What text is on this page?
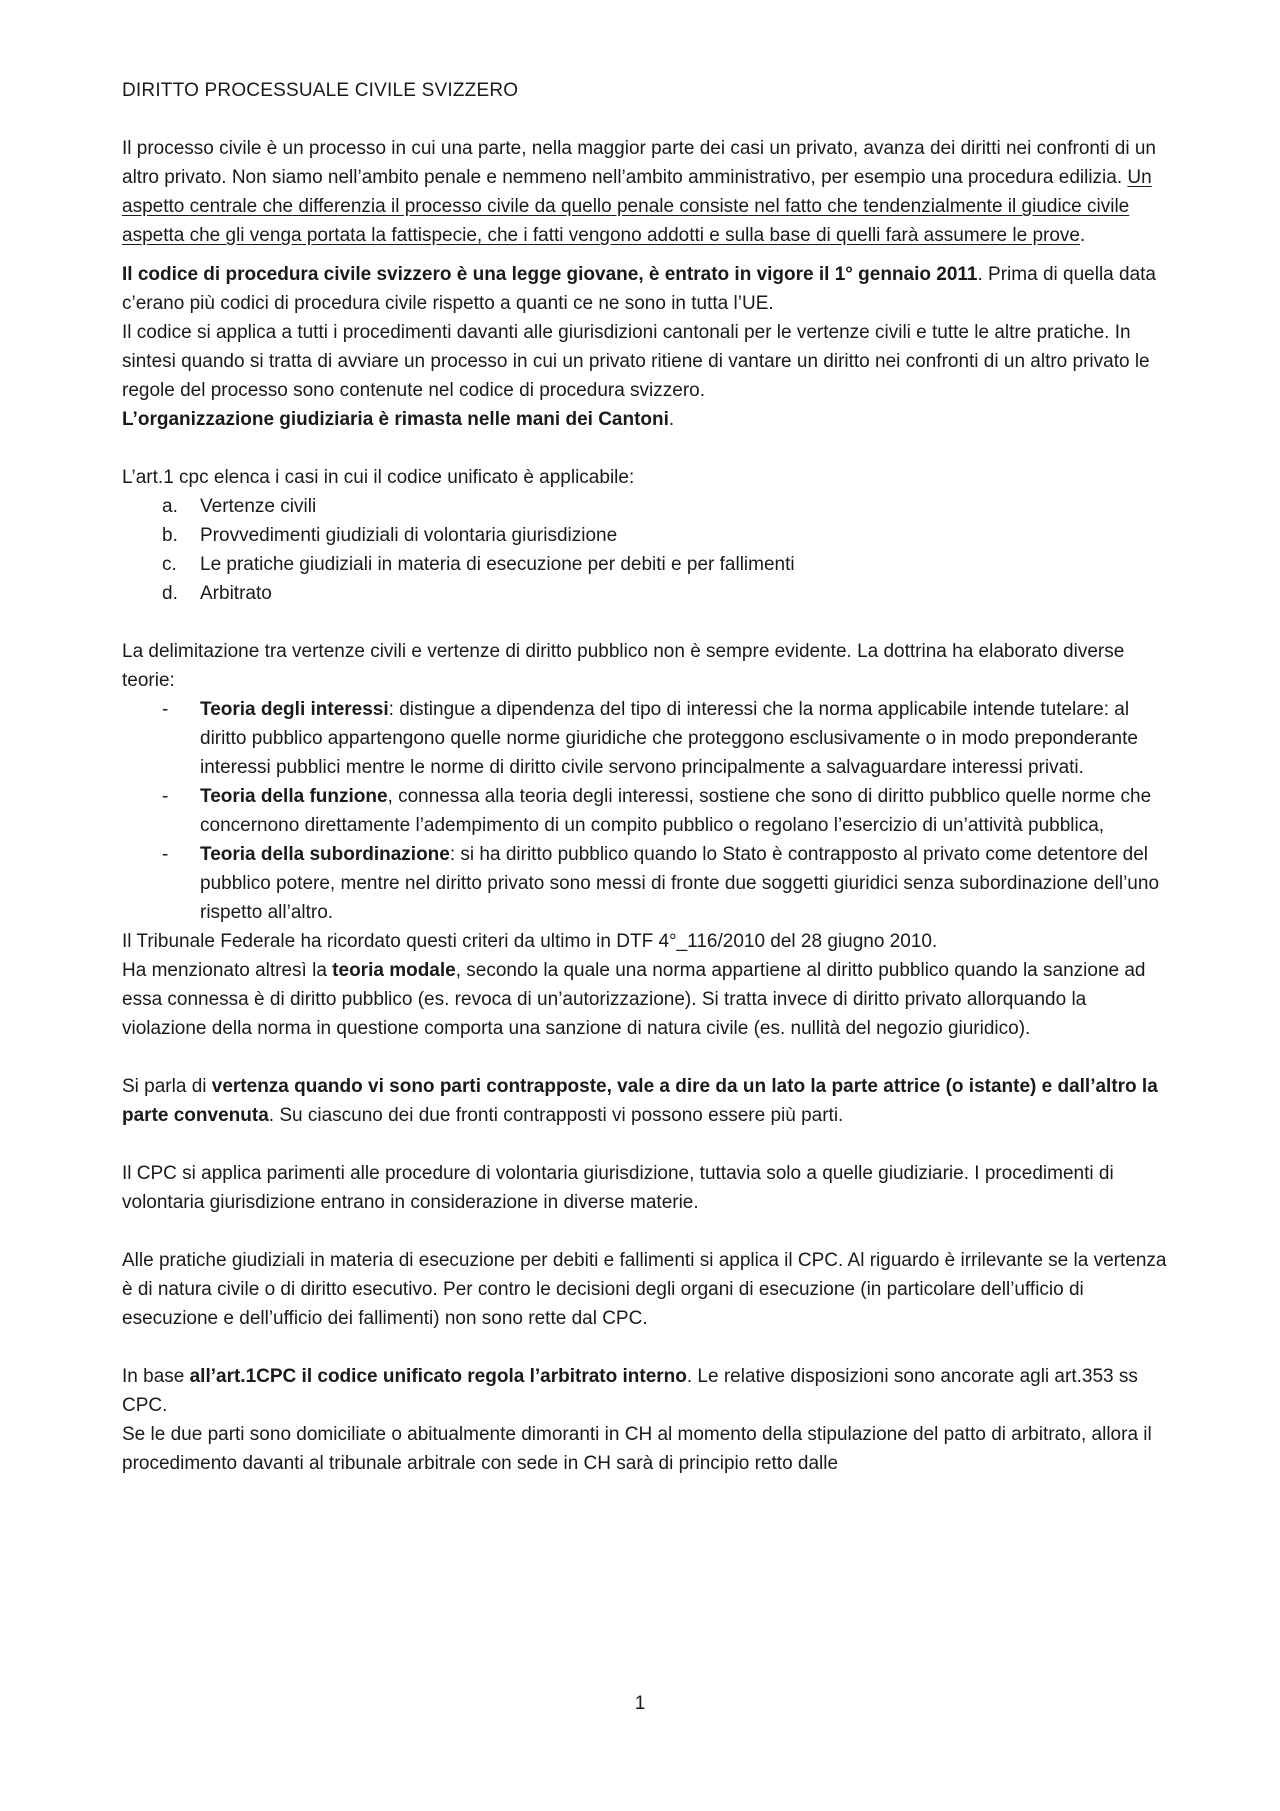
DIRITTO PROCESSUALE CIVILE SVIZZERO

Il processo civile è un processo in cui una parte, nella maggior parte dei casi un privato, avanza dei diritti nei confronti di un altro privato. Non siamo nell’ambito penale e nemmeno nell’ambito amministrativo, per esempio una procedura edilizia. Un aspetto centrale che differenzia il processo civile da quello penale consiste nel fatto che tendenzialmente il giudice civile aspetta che gli venga portata la fattispecie, che i fatti vengono addotti e sulla base di quelli farà assumere le prove.

Il codice di procedura civile svizzero è una legge giovane, è entrato in vigore il 1° gennaio 2011. Prima di quella data c’erano più codici di procedura civile rispetto a quanti ce ne sono in tutta l’UE.

Il codice si applica a tutti i procedimenti davanti alle giurisdizioni cantonali per le vertenze civili e tutte le altre pratiche. In sintesi quando si tratta di avviare un processo in cui un privato ritiene di vantare un diritto nei confronti di un altro privato le regole del processo sono contenute nel codice di procedura svizzero.

L’organizzazione giudiziaria è rimasta nelle mani dei Cantoni.

L’art.1 cpc elenca i casi in cui il codice unificato è applicabile:

a. Vertenze civili
b. Provvedimenti giudiziali di volontaria giurisdizione
c. Le pratiche giudiziali in materia di esecuzione per debiti e per fallimenti
d. Arbitrato

La delimitazione tra vertenze civili e vertenze di diritto pubblico non è sempre evidente. La dottrina ha elaborato diverse teorie:

- Teoria degli interessi: distingue a dipendenza del tipo di interessi che la norma applicabile intende tutelare: al diritto pubblico appartengono quelle norme giuridiche che proteggono esclusivamente o in modo preponderante interessi pubblici mentre le norme di diritto civile servono principalmente a salvaguardare interessi privati.
- Teoria della funzione, connessa alla teoria degli interessi, sostiene che sono di diritto pubblico quelle norme che concernono direttamente l’adempimento di un compito pubblico o regolano l’esercizio di un’attività pubblica,
- Teoria della subordinazione: si ha diritto pubblico quando lo Stato è contrapposto al privato come detentore del pubblico potere, mentre nel diritto privato sono messi di fronte due soggetti giuridici senza subordinazione dell’uno rispetto all’altro.

Il Tribunale Federale ha ricordato questi criteri da ultimo in DTF 4°_116/2010 del 28 giugno 2010.

Ha menzionato altresì la teoria modale, secondo la quale una norma appartiene al diritto pubblico quando la sanzione ad essa connessa è di diritto pubblico (es. revoca di un’autorizzazione). Si tratta invece di diritto privato allorquando la violazione della norma in questione comporta una sanzione di natura civile (es. nullità del negozio giuridico).

Si parla di vertenza quando vi sono parti contrapposte, vale a dire da un lato la parte attrice (o istante) e dall’altro la parte convenuta. Su ciascuno dei due fronti contrapposti vi possono essere più parti.

Il CPC si applica parimenti alle procedure di volontaria giurisdizione, tuttavia solo a quelle giudiziarie. I procedimenti di volontaria giurisdizione entrano in considerazione in diverse materie.

Alle pratiche giudiziali in materia di esecuzione per debiti e fallimenti si applica il CPC. Al riguardo è irrilevante se la vertenza è di natura civile o di diritto esecutivo. Per contro le decisioni degli organi di esecuzione (in particolare dell’ufficio di esecuzione e dell’ufficio dei fallimenti) non sono rette dal CPC.

In base all’art.1CPC il codice unificato regola l’arbitrato interno. Le relative disposizioni sono ancorate agli art.353 ss CPC.

Se le due parti sono domiciliate o abitualmente dimoranti in CH al momento della stipulazione del patto di arbitrato, allora il procedimento davanti al tribunale arbitrale con sede in CH sarà di principio retto dalle

1
